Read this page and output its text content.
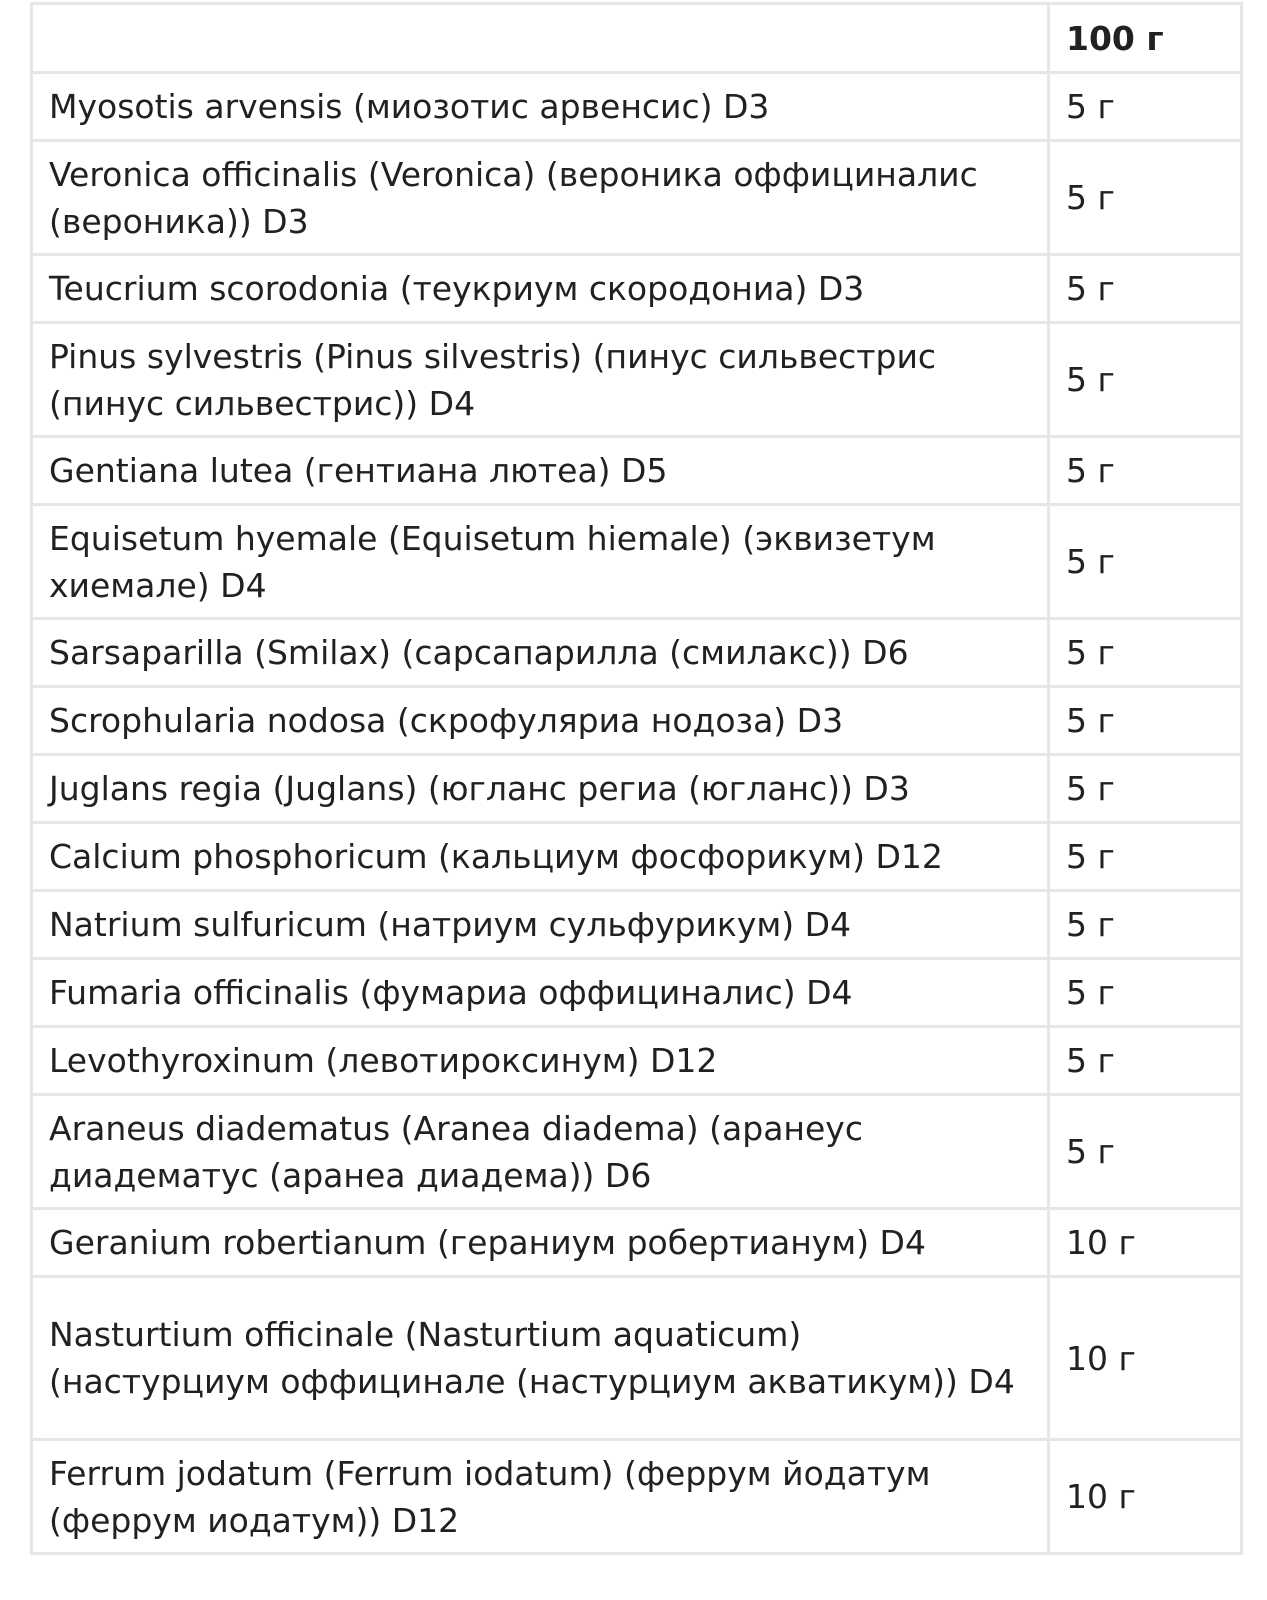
	100 г
Myosotis arvensis (миозотис арвенсис) D3	5 г
Veronica officinalis (Veronica) (вероника оффициналис (вероника)) D3	5 г
Teucrium scorodonia (теукриум скородониа) D3	5 г
Pinus sylvestris (Pinus silvestris) (пинус сильвестрис (пинус сильвестрис)) D4	5 г
Gentiana lutea (гентиана лютеа) D5	5 г
Equisetum hyemale (Equisetum hiemale) (эквизетум хиемале) D4	5 г
Sarsaparilla (Smilax) (сарсапарилла (смилакс)) D6	5 г
Scrophularia nodosa (скрофуляриа нодоза) D3	5 г
Juglans regia (Juglans) (югланс региа (югланс)) D3	5 г
Calcium phosphoricum (кальциум фосфорикум) D12	5 г
Natrium sulfuricum (натриум сульфурикум) D4	5 г
Fumaria officinalis (фумариа оффициналис) D4	5 г
Levothyroxinum (левотироксинум) D12	5 г
Araneus diadematus (Aranea diadema) (аранеус диадематус (аранеа диадема)) D6	5 г
Geranium robertianum (гераниум робертианум) D4	10 г
Nasturtium officinale (Nasturtium aquaticum) (настурциум оффицинале (настурциум акватикум)) D4	10 г
Ferrum jodatum (Ferrum iodatum) (феррум йодатум (феррум иодатум)) D12	10 г
